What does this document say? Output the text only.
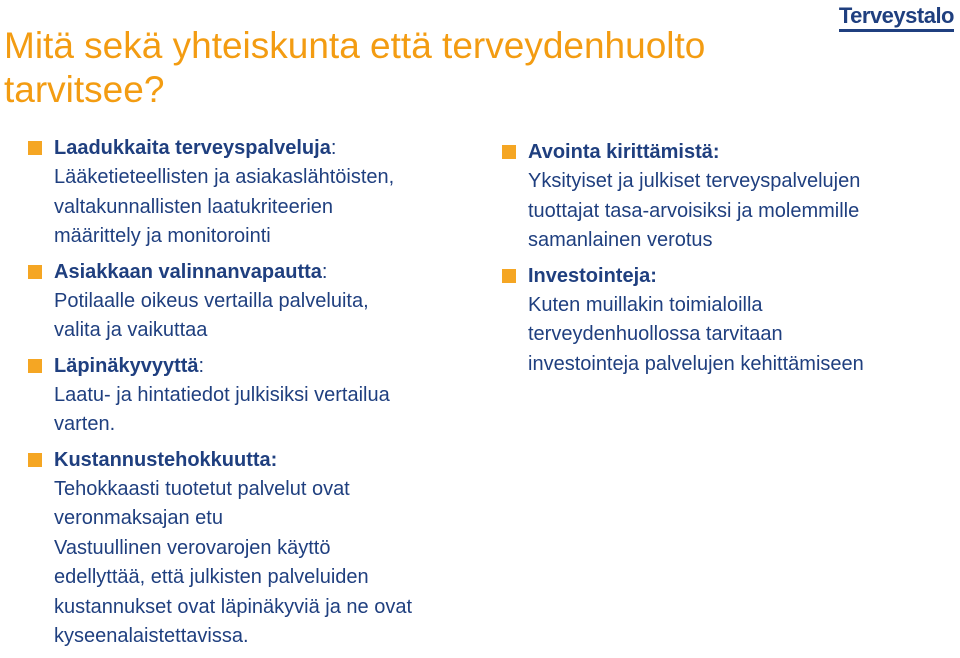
Mitä sekä yhteiskunta että terveydenhuolto tarvitsee?
Terveystalo
Laadukkaita terveyspalveluja:
Lääketieteellisten ja asiakaslähtöisten,
valtakunnallisten laatukriteerien
määrittely ja monitorointi
Asiakkaan valinnanvapautta:
Potilaalle oikeus vertailla palveluita,
valita ja vaikuttaa
Läpinäkyvyyttä:
Laatu- ja hintatiedot julkisiksi vertailua
varten.
Kustannustehokkuutta:
Tehokkaasti tuotetut palvelut ovat
veronmaksajan etu
Vastuullinen verovarojen käyttö
edellyttää, että julkisten palveluiden
kustannukset ovat läpinäkyviä ja ne ovat
kyseenalaistettavissa.
Avointa kirittämistä:
Yksityiset ja julkiset terveyspalvelujen
tuottajat tasa-arvoisiksi ja molemmille
samanlainen verotus
Investointeja:
Kuten muillakin toimialoilla
terveydenhuollossa tarvitaan
investointeja palvelujen kehittämiseen
